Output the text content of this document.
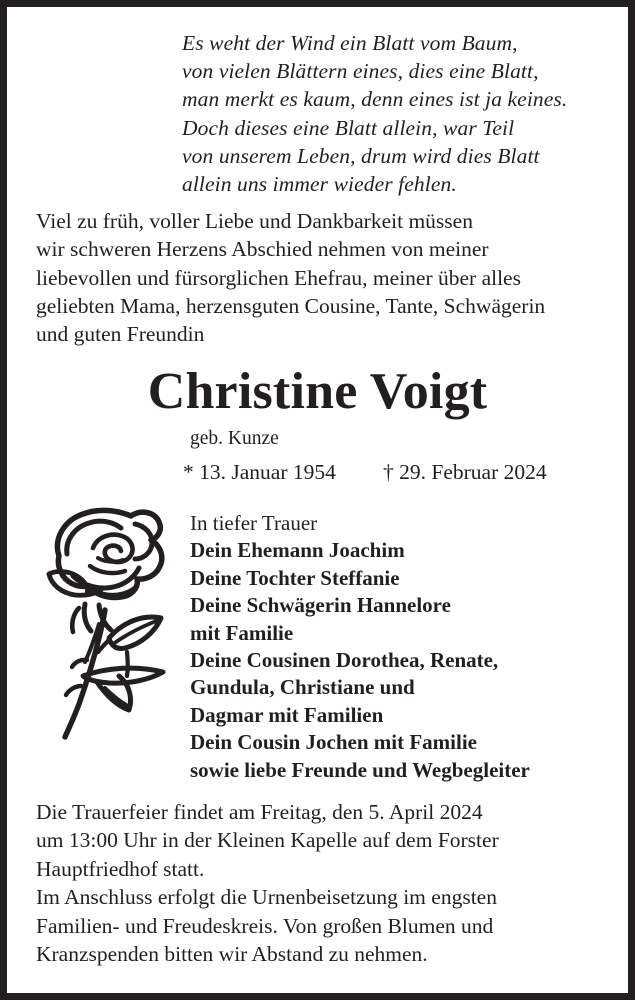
Es weht der Wind ein Blatt vom Baum,
von vielen Blättern eines, dies eine Blatt,
man merkt es kaum, denn eines ist ja keines.
Doch dieses eine Blatt allein, war Teil
von unserem Leben, drum wird dies Blatt
allein uns immer wieder fehlen.
Viel zu früh, voller Liebe und Dankbarkeit müssen
wir schweren Herzens Abschied nehmen von meiner
liebevollen und fürsorglichen Ehefrau, meiner über alles
geliebten Mama, herzensguten Cousine, Tante, Schwägerin
und guten Freundin
Christine Voigt
geb. Kunze
* 13. Januar 1954 † 29. Februar 2024
In tiefer Trauer
Dein Ehemann Joachim
Deine Tochter Steffanie
Deine Schwägerin Hannelore
mit Familie
Deine Cousinen Dorothea, Renate,
Gundula, Christiane und
Dagmar mit Familien
Dein Cousin Jochen mit Familie
sowie liebe Freunde und Wegbegleiter
Die Trauerfeier findet am Freitag, den 5. April 2024
um 13:00 Uhr in der Kleinen Kapelle auf dem Forster
Hauptfriedhof statt.
Im Anschluss erfolgt die Urnenbeisetzung im engsten
Familien- und Freudeskreis. Von großen Blumen und
Kranzspenden bitten wir Abstand zu nehmen.
